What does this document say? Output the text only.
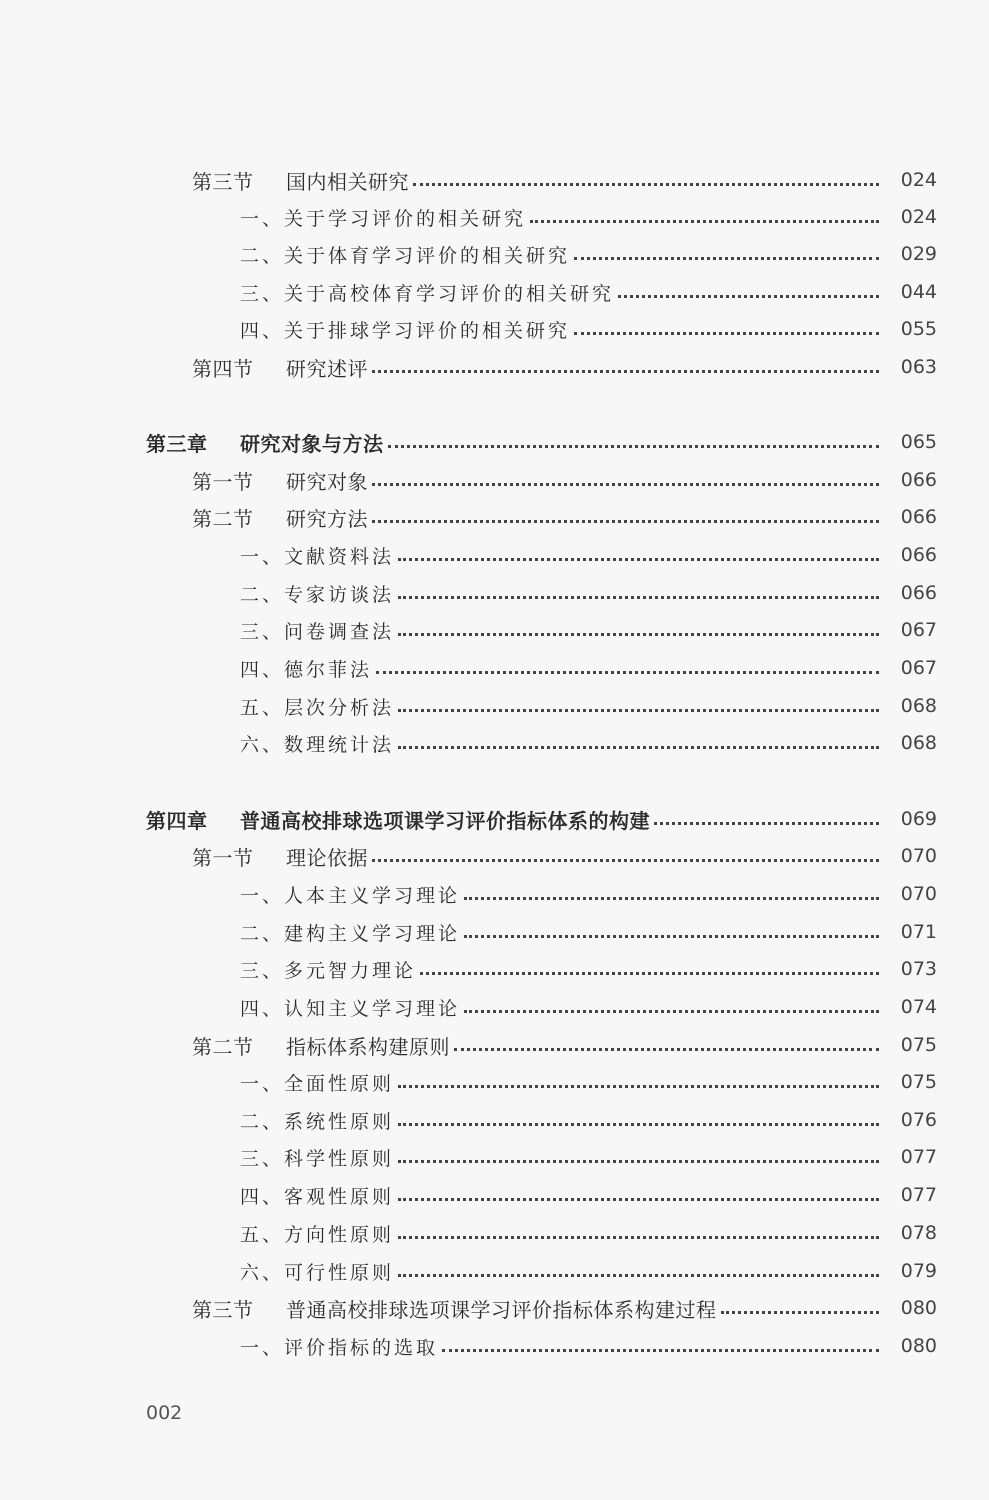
第三节 国内相关研究	024
一、关于学习评价的相关研究	024
二、关于体育学习评价的相关研究	029
三、关于高校体育学习评价的相关研究	044
四、关于排球学习评价的相关研究	055
第四节 研究述评	063
第三章 研究对象与方法	065
第一节 研究对象	066
第二节 研究方法	066
一、文献资料法	066
二、专家访谈法	066
三、问卷调查法	067
四、德尔菲法	067
五、层次分析法	068
六、数理统计法	068
第四章 普通高校排球选项课学习评价指标体系的构建	069
第一节 理论依据	070
一、人本主义学习理论	070
二、建构主义学习理论	071
三、多元智力理论	073
四、认知主义学习理论	074
第二节 指标体系构建原则	075
一、全面性原则	075
二、系统性原则	076
三、科学性原则	077
四、客观性原则	077
五、方向性原则	078
六、可行性原则	079
第三节 普通高校排球选项课学习评价指标体系构建过程	080
一、评价指标的选取	080
002
